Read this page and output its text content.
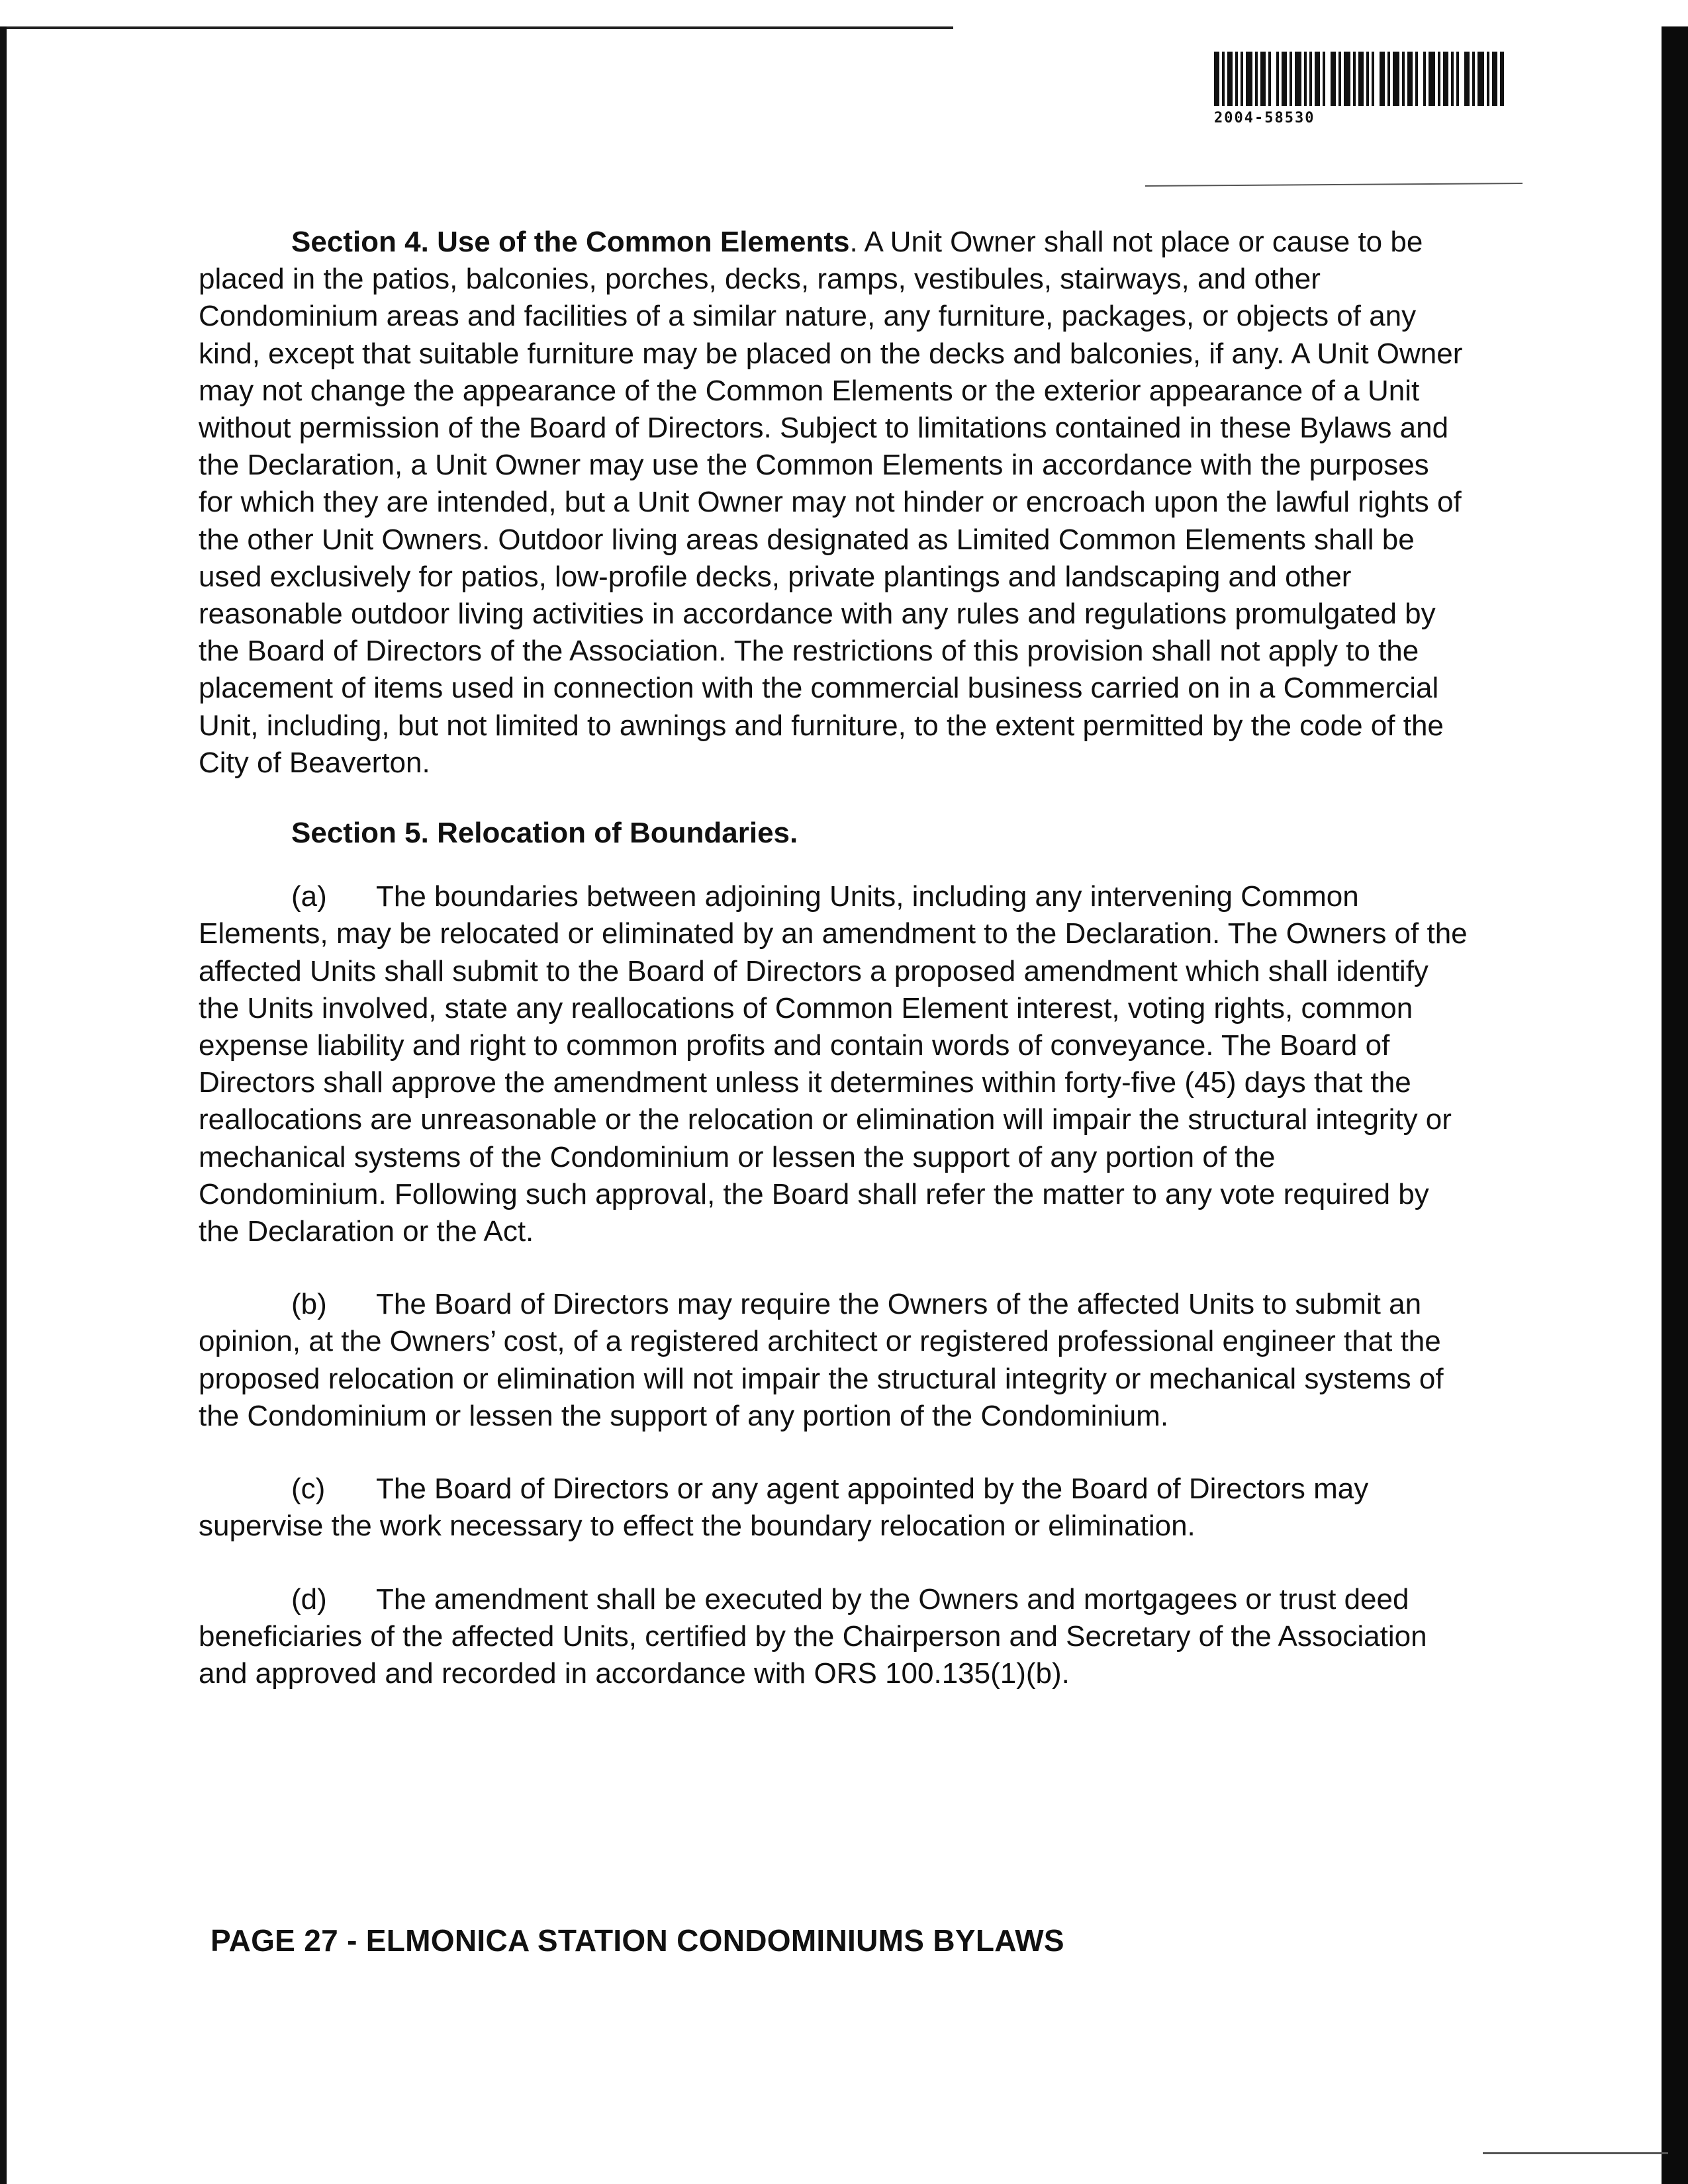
2004-58530

Section 4. Use of the Common Elements. A Unit Owner shall not place or cause to be placed in the patios, balconies, porches, decks, ramps, vestibules, stairways, and other Condominium areas and facilities of a similar nature, any furniture, packages, or objects of any kind, except that suitable furniture may be placed on the decks and balconies, if any. A Unit Owner may not change the appearance of the Common Elements or the exterior appearance of a Unit without permission of the Board of Directors. Subject to limitations contained in these Bylaws and the Declaration, a Unit Owner may use the Common Elements in accordance with the purposes for which they are intended, but a Unit Owner may not hinder or encroach upon the lawful rights of the other Unit Owners. Outdoor living areas designated as Limited Common Elements shall be used exclusively for patios, low-profile decks, private plantings and landscaping and other reasonable outdoor living activities in accordance with any rules and regulations promulgated by the Board of Directors of the Association. The restrictions of this provision shall not apply to the placement of items used in connection with the commercial business carried on in a Commercial Unit, including, but not limited to awnings and furniture, to the extent permitted by the code of the City of Beaverton.

Section 5. Relocation of Boundaries.

(a) The boundaries between adjoining Units, including any intervening Common Elements, may be relocated or eliminated by an amendment to the Declaration. The Owners of the affected Units shall submit to the Board of Directors a proposed amendment which shall identify the Units involved, state any reallocations of Common Element interest, voting rights, common expense liability and right to common profits and contain words of conveyance. The Board of Directors shall approve the amendment unless it determines within forty-five (45) days that the reallocations are unreasonable or the relocation or elimination will impair the structural integrity or mechanical systems of the Condominium or lessen the support of any portion of the Condominium. Following such approval, the Board shall refer the matter to any vote required by the Declaration or the Act.

(b) The Board of Directors may require the Owners of the affected Units to submit an opinion, at the Owners’ cost, of a registered architect or registered professional engineer that the proposed relocation or elimination will not impair the structural integrity or mechanical systems of the Condominium or lessen the support of any portion of the Condominium.

(c) The Board of Directors or any agent appointed by the Board of Directors may supervise the work necessary to effect the boundary relocation or elimination.

(d) The amendment shall be executed by the Owners and mortgagees or trust deed beneficiaries of the affected Units, certified by the Chairperson and Secretary of the Association and approved and recorded in accordance with ORS 100.135(1)(b).

PAGE 27 - ELMONICA STATION CONDOMINIUMS BYLAWS
